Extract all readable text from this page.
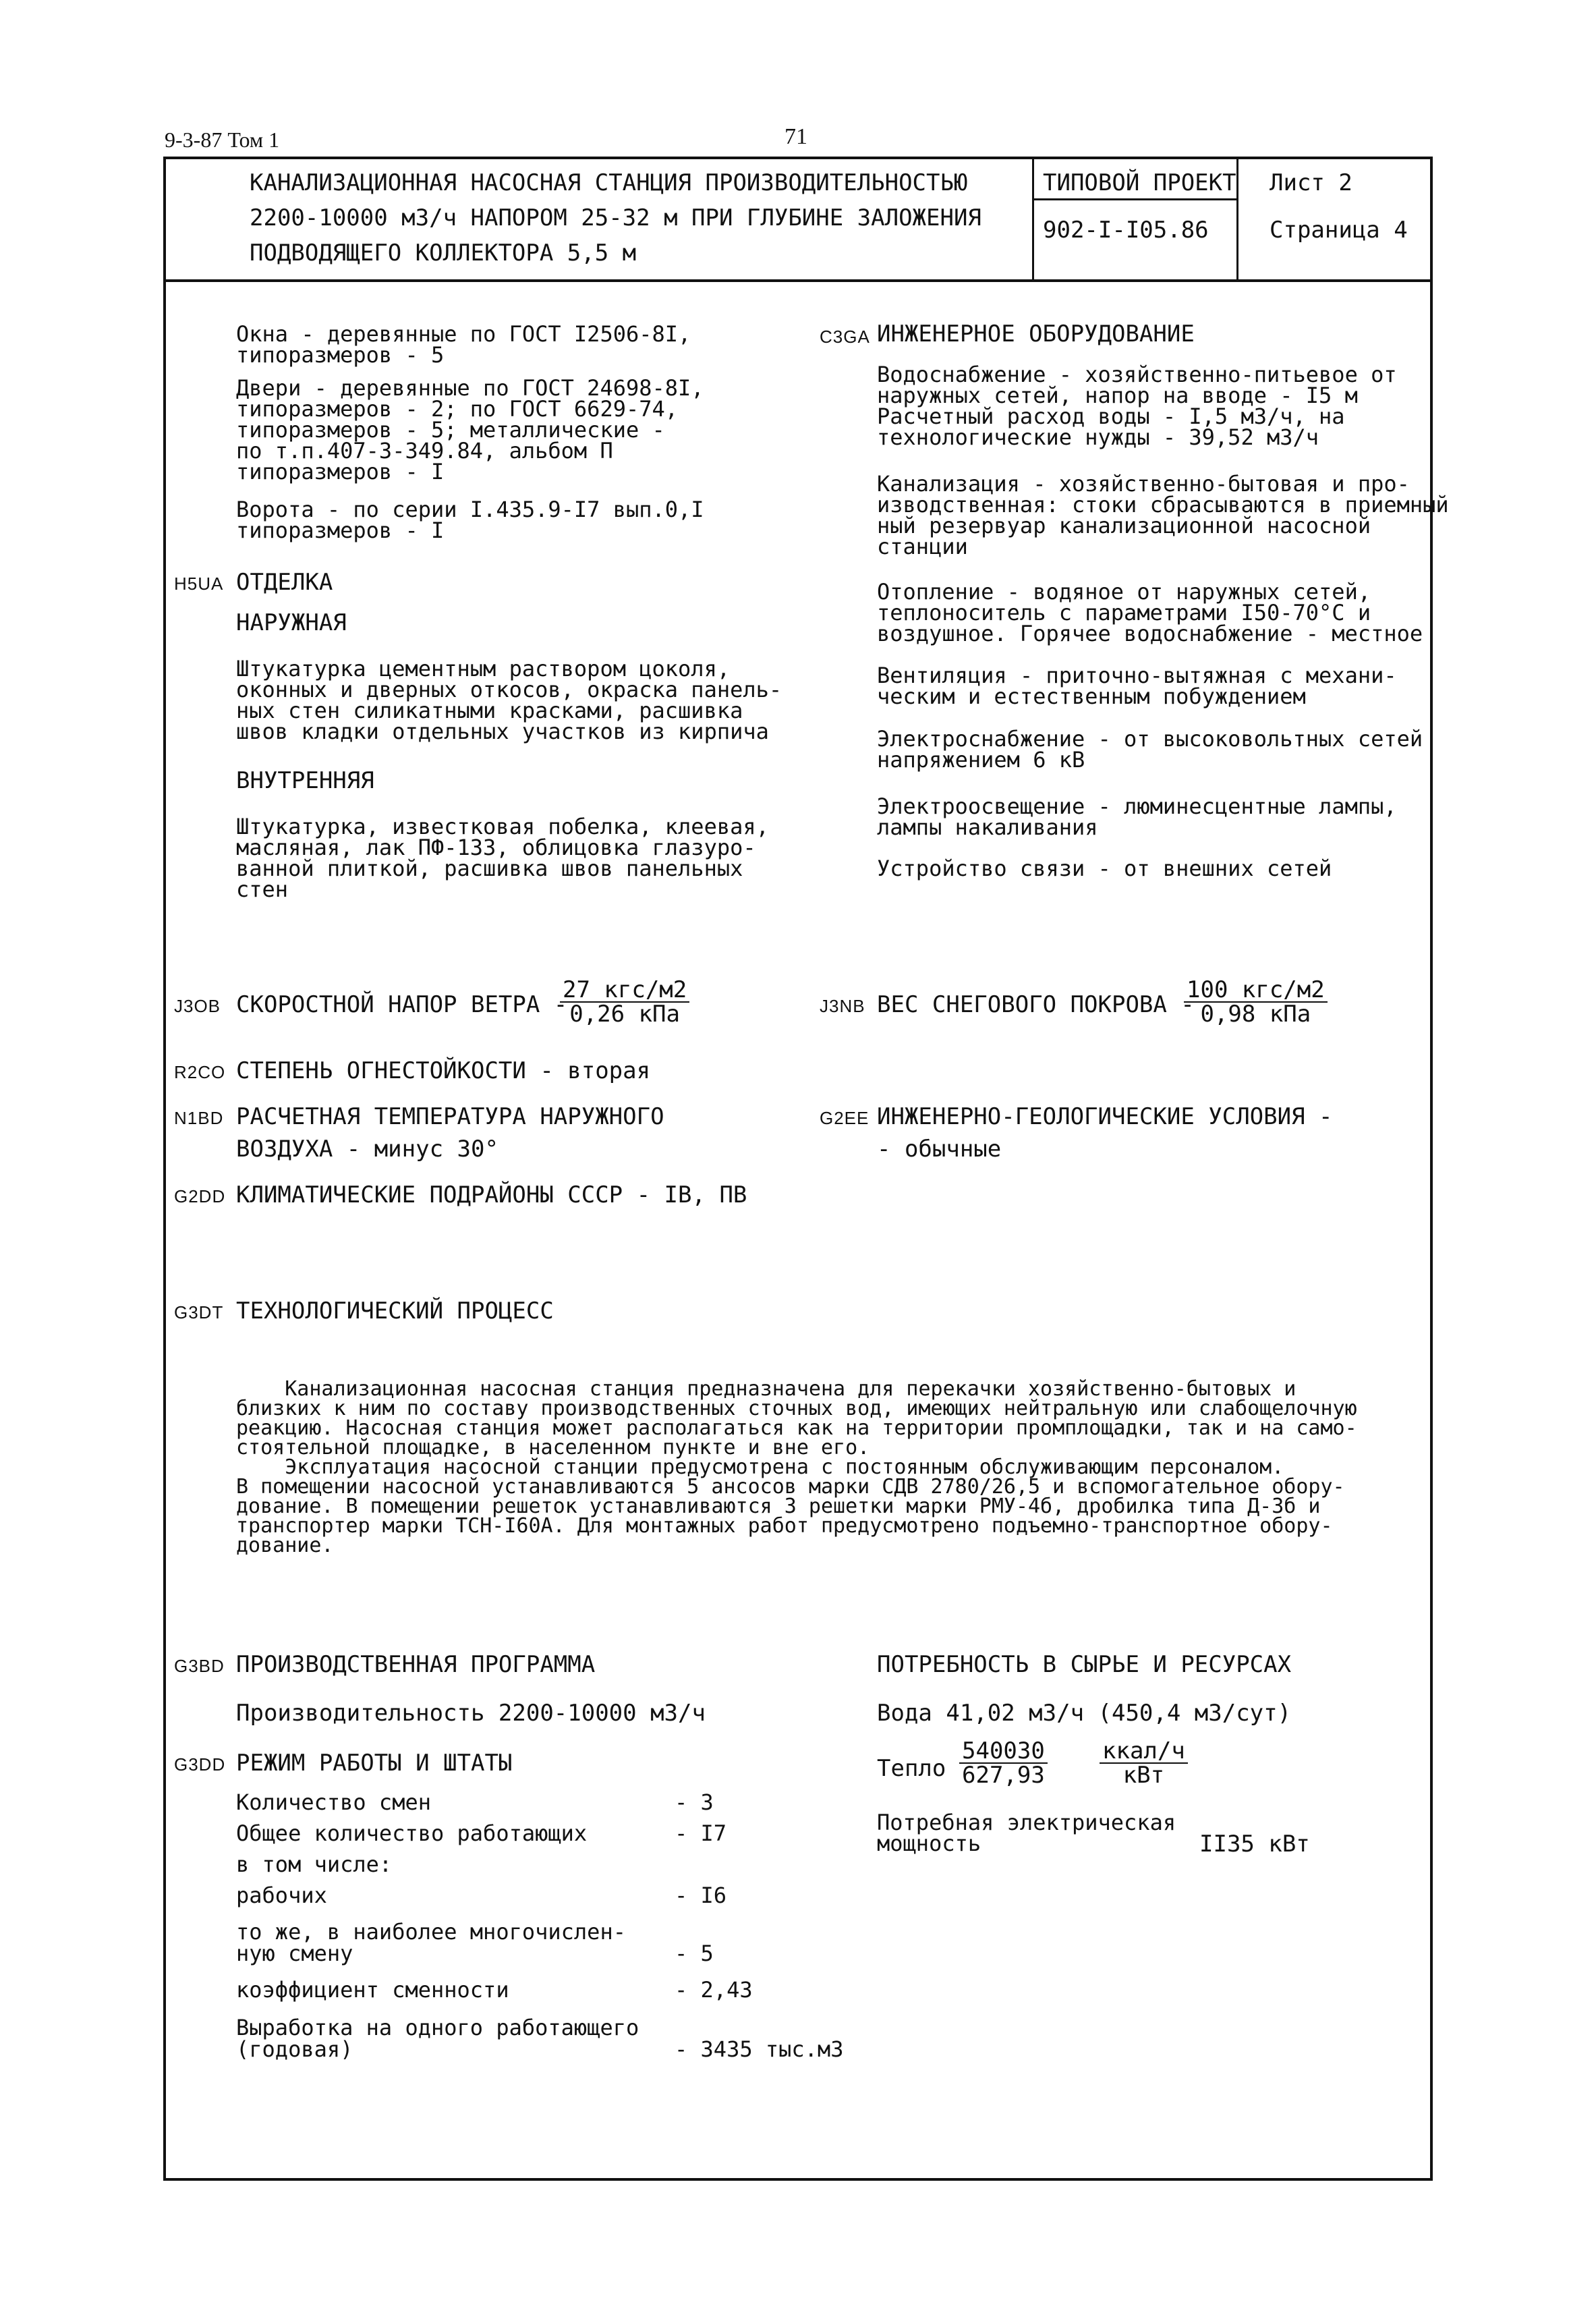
9-3-87 Том 1	71
КАНАЛИЗАЦИОННАЯ НАСОСНАЯ СТАНЦИЯ ПРОИЗВОДИТЕЛЬНОСТЬЮ
2200-10000 м3/ч НАПОРОМ 25-32 м ПРИ ГЛУБИНЕ ЗАЛОЖЕНИЯ
ПОДВОДЯЩЕГО КОЛЛЕКТОРА 5,5 м
ТИПОВОЙ ПРОЕКТ
902-I-I05.86
Лист 2
Страница 4
Окна - деревянные по ГОСТ I2506-8I,
типоразмеров - 5
Двери - деревянные по ГОСТ 24698-8I,
типоразмеров - 2; по ГОСТ 6629-74,
типоразмеров - 5; металлические -
по т.п.407-3-349.84, альбом П
типоразмеров - I
Ворота - по серии I.435.9-I7 вып.0,I
типоразмеров - I
H5UA ОТДЕЛКА
НАРУЖНАЯ
Штукатурка цементным раствором цоколя,
оконных и дверных откосов, окраска панель-
ных стен силикатными красками, расшивка
швов кладки отдельных участков из кирпича
ВНУТРЕННЯЯ
Штукатурка, известковая побелка, клеевая,
масляная, лак ПФ-133, облицовка глазуро-
ванной плиткой, расшивка швов панельных
стен
C3GA ИНЖЕНЕРНОЕ ОБОРУДОВАНИЕ
Водоснабжение - хозяйственно-питьевое от
наружных сетей, напор на вводе - I5 м
Расчетный расход воды - I,5 м3/ч, на
технологические нужды - 39,52 м3/ч
Канализация - хозяйственно-бытовая и про-
изводственная: стоки сбрасываются в приемный
ный резервуар канализационной насосной
станции
Отопление - водяное от наружных сетей,
теплоноситель с параметрами I50-70°С и
воздушное. Горячее водоснабжение - местное
Вентиляция - приточно-вытяжная с механи-
ческим и естественным побуждением
Электроснабжение - от высоковольтных сетей
напряжением 6 кВ
Электроосвещение - люминесцентные лампы,
лампы накаливания
Устройство связи - от внешних сетей
J3OB СКОРОСТНОЙ НАПОР ВЕТРА -
27 кгс/м2
0,26 кПа	J3NB ВЕС СНЕГОВОГО ПОКРОВА -
100 кгс/м2
0,98 кПа
R2CO СТЕПЕНЬ ОГНЕСТОЙКОСТИ - вторая
N1BD РАСЧЕТНАЯ ТЕМПЕРАТУРА НАРУЖНОГО
ВОЗДУХА - минус 30°
G2EE ИНЖЕНЕРНО-ГЕОЛОГИЧЕСКИЕ УСЛОВИЯ -
- обычные
G2DD КЛИМАТИЧЕСКИЕ ПОДРАЙОНЫ СССР - IB, ПВ
G3DT ТЕХНОЛОГИЧЕСКИЙ ПРОЦЕСС

Канализационная насосная станция предназначена для перекачки хозяйственно-бытовых и
близких к ним по составу производственных сточных вод, имеющих нейтральную или слабощелочную
реакцию. Насосная станция может располагаться как на территории промплощадки, так и на само-
стоятельной площадке, в населенном пункте и вне его.
Эксплуатация насосной станции предусмотрена с постоянным обслуживающим персоналом.
В помещении насосной устанавливаются 5 ансосов марки СДВ 2780/26,5 и вспомогательное обору-
дование. В помещении решеток устанавливаются 3 решетки марки РМУ-4б, дробилка типа Д-3б и
транспортер марки ТСН-I60А. Для монтажных работ предусмотрено подъемно-транспортное обору-
дование.

G3BD ПРОИЗВОДСТВЕННАЯ ПРОГРАММА
Производительность 2200-10000 м3/ч
G3DD РЕЖИМ РАБОТЫ И ШТАТЫ
Количество смен	- 3
Общее количество работающих	- I7
в том числе:
рабочих	- I6
то же, в наиболее многочислен-
ную смену	- 5
коэффициент сменности	- 2,43
Выработка на одного работающего
(годовая)	- 3435 тыс.м3
ПОТРЕБНОСТЬ В СЫРЬЕ И РЕСУРСАХ
Вода 41,02 м3/ч (450,4 м3/сут)
Тепло $\frac{540030}{627,93}$ ккал/ч
кВт
Потребная электрическая
мощность	II35 кВт
